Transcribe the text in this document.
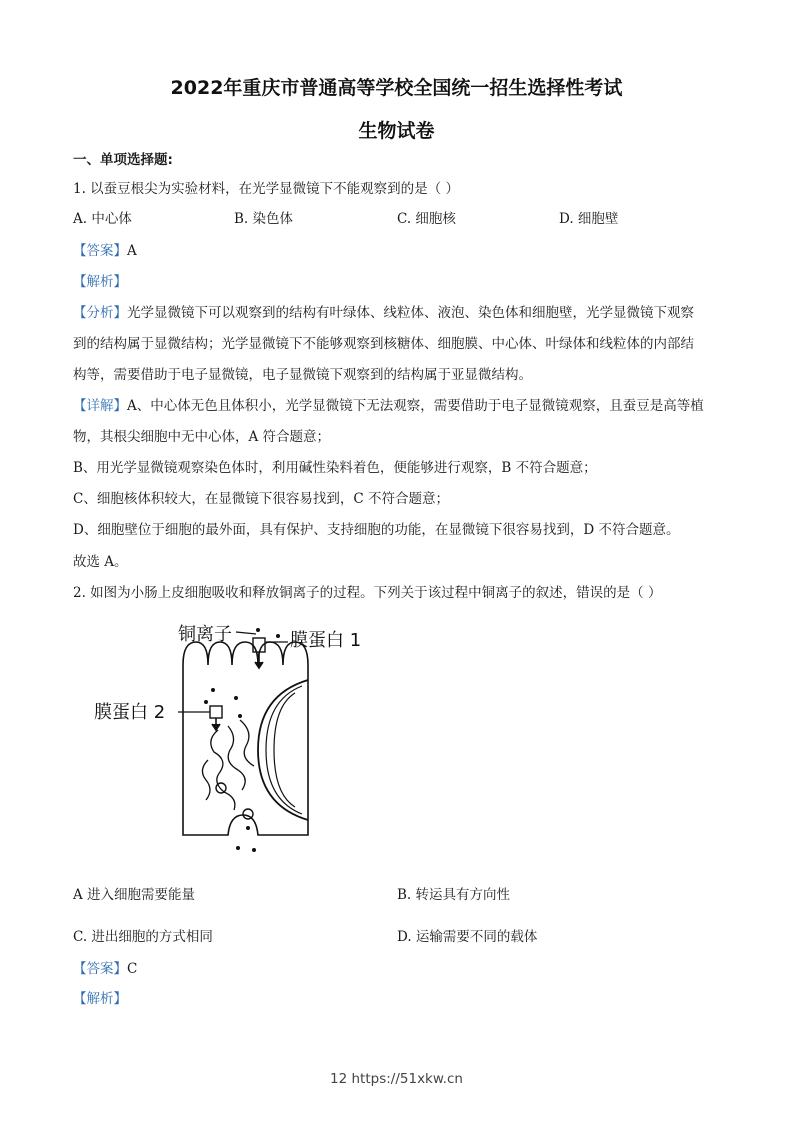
2022年重庆市普通高等学校全国统一招生选择性考试
生物试卷
一、单项选择题:
1. 以蚕豆根尖为实验材料，在光学显微镜下不能观察到的是（ ）
A. 中心体	B. 染色体	C. 细胞核	D. 细胞壁
【答案】A
【解析】
【分析】光学显微镜下可以观察到的结构有叶绿体、线粒体、液泡、染色体和细胞壁，光学显微镜下观察
到的结构属于显微结构；光学显微镜下不能够观察到核糖体、细胞膜、中心体、叶绿体和线粒体的内部结
构等，需要借助于电子显微镜，电子显微镜下观察到的结构属于亚显微结构。
【详解】A、中心体无色且体积小，光学显微镜下无法观察，需要借助于电子显微镜观察，且蚕豆是高等植
物，其根尖细胞中无中心体，A 符合题意；
B、用光学显微镜观察染色体时，利用碱性染料着色，便能够进行观察，B 不符合题意；
C、细胞核体积较大，在显微镜下很容易找到，C 不符合题意；
D、细胞壁位于细胞的最外面，具有保护、支持细胞的功能，在显微镜下很容易找到，D 不符合题意。
故选 A。
2. 如图为小肠上皮细胞吸收和释放铜离子的过程。下列关于该过程中铜离子的叙述，错误的是（ ）
铜离子	膜蛋白 1
膜蛋白 2
A 进入细胞需要能量	B. 转运具有方向性
C. 进出细胞的方式相同	D. 运输需要不同的载体
【答案】C
【解析】
12 https://51xkw.cn
